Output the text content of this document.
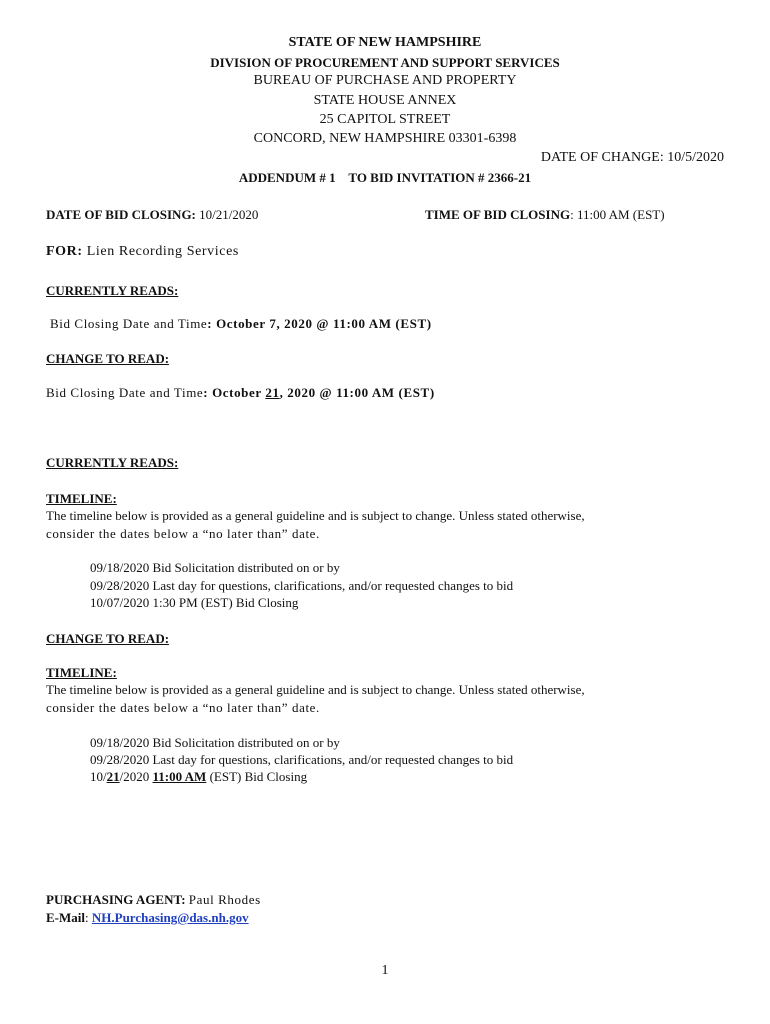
STATE OF NEW HAMPSHIRE
DIVISION OF PROCUREMENT AND SUPPORT SERVICES
BUREAU OF PURCHASE AND PROPERTY
STATE HOUSE ANNEX
25 CAPITOL STREET
CONCORD, NEW HAMPSHIRE 03301-6398
DATE OF CHANGE: 10/5/2020
ADDENDUM # 1    TO BID INVITATION # 2366-21
DATE OF BID CLOSING: 10/21/2020	TIME OF BID CLOSING: 11:00 AM (EST)
FOR: Lien Recording Services
CURRENTLY READS:
Bid Closing Date and Time: October 7, 2020 @ 11:00 AM (EST)
CHANGE TO READ:
Bid Closing Date and Time: October 21, 2020 @ 11:00 AM (EST)
CURRENTLY READS:
TIMELINE:
The timeline below is provided as a general guideline and is subject to change. Unless stated otherwise,
consider the dates below a “no later than” date.
09/18/2020 Bid Solicitation distributed on or by
09/28/2020 Last day for questions, clarifications, and/or requested changes to bid
10/07/2020 1:30 PM (EST) Bid Closing
CHANGE TO READ:
TIMELINE:
The timeline below is provided as a general guideline and is subject to change. Unless stated otherwise,
consider the dates below a “no later than” date.
09/18/2020 Bid Solicitation distributed on or by
09/28/2020 Last day for questions, clarifications, and/or requested changes to bid
10/21/2020 11:00 AM (EST) Bid Closing
PURCHASING AGENT: Paul Rhodes
E-Mail: NH.Purchasing@das.nh.gov
1
